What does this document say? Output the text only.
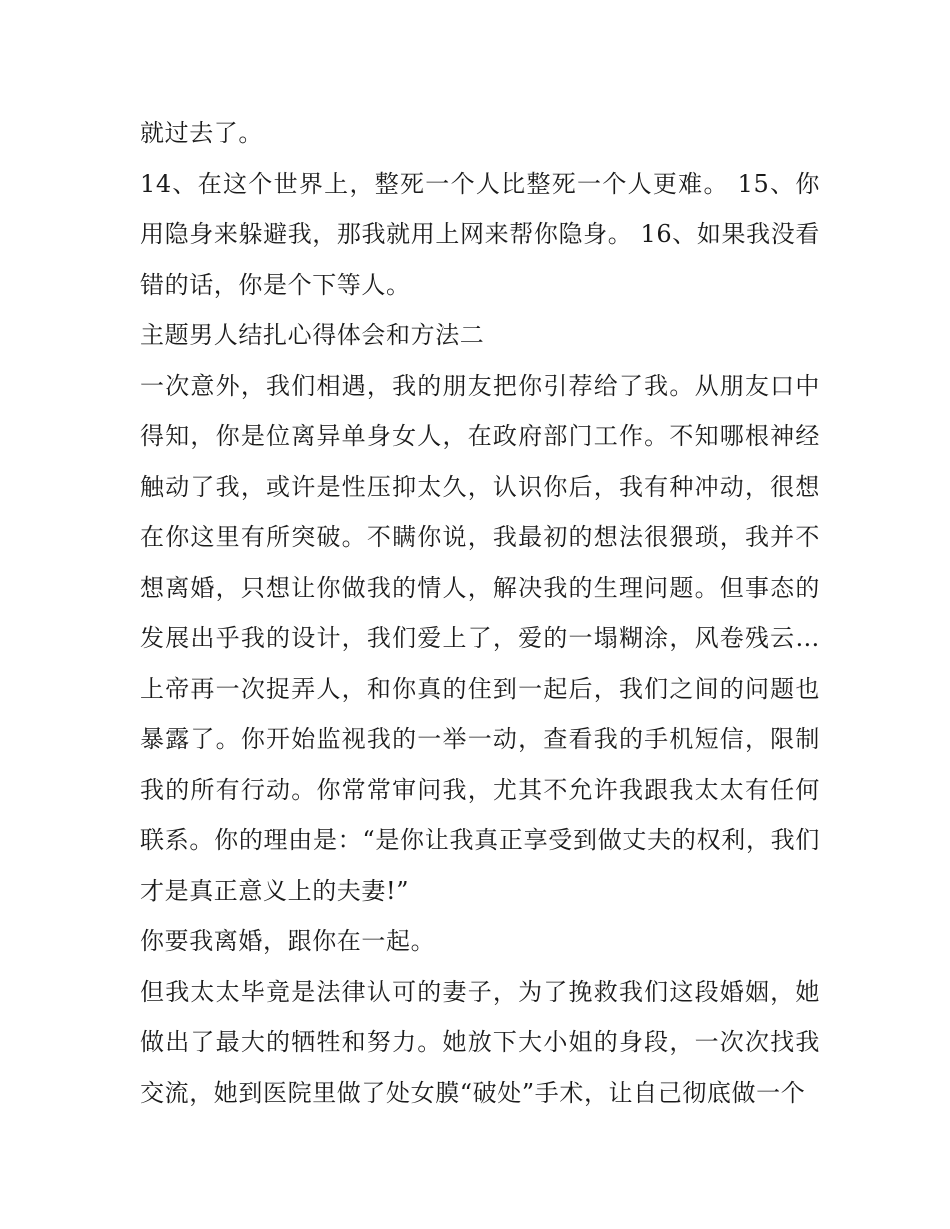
就过去了。

14、在这个世界上，整死一个人比整死一个人更难。 15、你用隐身来躲避我，那我就用上网来帮你隐身。 16、如果我没看错的话，你是个下等人。

主题男人结扎心得体会和方法二

一次意外，我们相遇，我的朋友把你引荐给了我。从朋友口中得知，你是位离异单身女人，在政府部门工作。不知哪根神经触动了我，或许是性压抑太久，认识你后，我有种冲动，很想在你这里有所突破。不瞒你说，我最初的想法很猥琐，我并不想离婚，只想让你做我的情人，解决我的生理问题。但事态的发展出乎我的设计，我们爱上了，爱的一塌糊涂，风卷残云…上帝再一次捉弄人，和你真的住到一起后，我们之间的问题也暴露了。你开始监视我的一举一动，查看我的手机短信，限制我的所有行动。你常常审问我，尤其不允许我跟我太太有任何联系。你的理由是：“是你让我真正享受到做丈夫的权利，我们才是真正意义上的夫妻!”

你要我离婚，跟你在一起。

但我太太毕竟是法律认可的妻子，为了挽救我们这段婚姻，她做出了最大的牺牲和努力。她放下大小姐的身段，一次次找我交流，她到医院里做了处女膜“破处”手术，让自己彻底做一个
